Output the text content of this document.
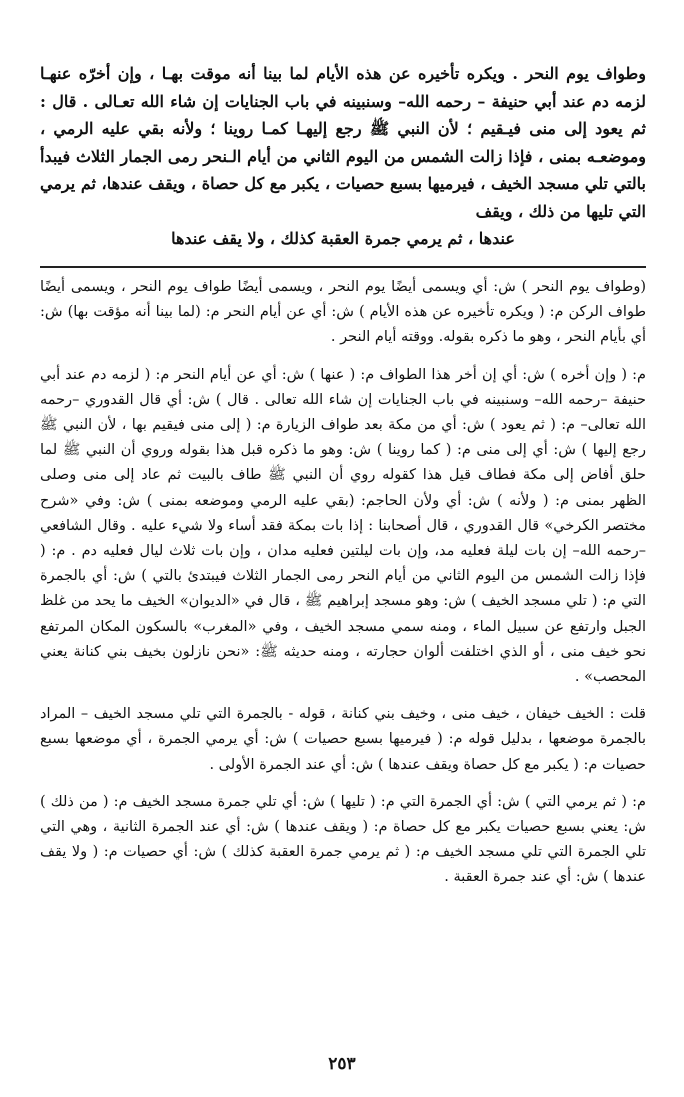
وطواف يوم النحر . ويكره تأخيره عن هذه الأيام لما بينا أنه موقت بهـا ، وإن أخرّه عنهـا لزمه دم عند أبي حنيفة – رحمه الله– وسنبينه في باب الجنايات إن شاء الله تعـالى . قال : ثم يعود إلى منى فيـقيم ؛ لأن النبي ﷺ رجع إليهـا كمـا روينا ؛ ولأنه بقي عليه الرمي ، وموضعـه بمنى ، فإذا زالت الشمس من اليوم الثاني من أيام الـنحر رمى الجمار الثلاث فيبدأ بالتي تلي مسجد الخيف ، فيرميها بسبع حصيات ، يكبر مع كل حصاة ، ويقف عندها، ثم يرمي التي تليها من ذلك ، ويقف

عندها ، ثم يرمي جمرة العقبة كذلك ، ولا يقف عندها

(وطواف يوم النحر ) ش: أي ويسمى أيضًا يوم النحر ، ويسمى أيضًا طواف يوم النحر ، ويسمى أيضًا طواف الركن م: ( ويكره تأخيره عن هذه الأيام ) ش: أي عن أيام النحر م: (لما بينا أنه مؤقت بها) ش: أي بأيام النحر ، وهو ما ذكره بقوله. ووقته أيام النحر .

م: ( وإن أخره ) ش: أي إن أخر هذا الطواف م: ( عنها ) ش: أي عن أيام النحر م: ( لزمه دم عند أبي حنيفة –رحمه الله– وسنبينه في باب الجنايات إن شاء الله تعالى . قال ) ش: أي قال القدوري –رحمه الله تعالى– م: ( ثم يعود ) ش: أي من مكة بعد طواف الزيارة م: ( إلى منى فيقيم بها ، لأن النبي ﷺ رجع إليها ) ش: أي إلى منى م: ( كما روينا ) ش: وهو ما ذكره قبل هذا بقوله وروي أن النبي ﷺ لما حلق أفاض إلى مكة فطاف قيل هذا كقوله روي أن النبي ﷺ طاف بالبيت ثم عاد إلى منى وصلى الظهر بمنى م: ( ولأنه ) ش: أي ولأن الحاجم: (بقي عليه الرمي وموضعه بمنى ) ش: وفي «شرح مختصر الكرخي» قال القدوري ، قال أصحابنا : إذا بات بمكة فقد أساء ولا شيء عليه . وقال الشافعي –رحمه الله– إن بات ليلة فعليه مد، وإن بات ليلتين فعليه مدان ، وإن بات ثلاث ليال فعليه دم . م: ( فإذا زالت الشمس من اليوم الثاني من أيام النحر رمى الجمار الثلاث فيبتدئ بالتي ) ش: أي بالجمرة التي م: ( تلي مسجد الخيف ) ش: وهو مسجد إبراهيم ﷺ ، قال في «الديوان» الخيف ما يحد من غلظ الجبل وارتفع عن سبيل الماء ، ومنه سمي مسجد الخيف ، وفي «المغرب» بالسكون المكان المرتفع نحو خيف منى ، أو الذي اختلفت ألوان حجارته ، ومنه حديثه ﷺ: «نحن نازلون بخيف بني كنانة يعني المحصب» .

قلت : الخيف خيفان ، خيف منى ، وخيف بني كنانة ، قوله - بالجمرة التي تلي مسجد الخيف – المراد بالجمرة موضعها ، بدليل قوله م: ( فيرميها بسبع حصيات ) ش: أي يرمي الجمرة ، أي موضعها بسبع حصيات م: ( يكبر مع كل حصاة ويقف عندها ) ش: أي عند الجمرة الأولى .

م: ( ثم يرمي التي ) ش: أي الجمرة التي م: ( تليها ) ش: أي تلي جمرة مسجد الخيف م: ( من ذلك ) ش: يعني بسبع حصيات يكبر مع كل حصاة م: ( ويقف عندها ) ش: أي عند الجمرة الثانية ، وهي التي تلي الجمرة التي تلي مسجد الخيف م: ( ثم يرمي جمرة العقبة كذلك ) ش: أي حصيات م: ( ولا يقف عندها ) ش: أي عند جمرة العقبة .

٢٥٣
